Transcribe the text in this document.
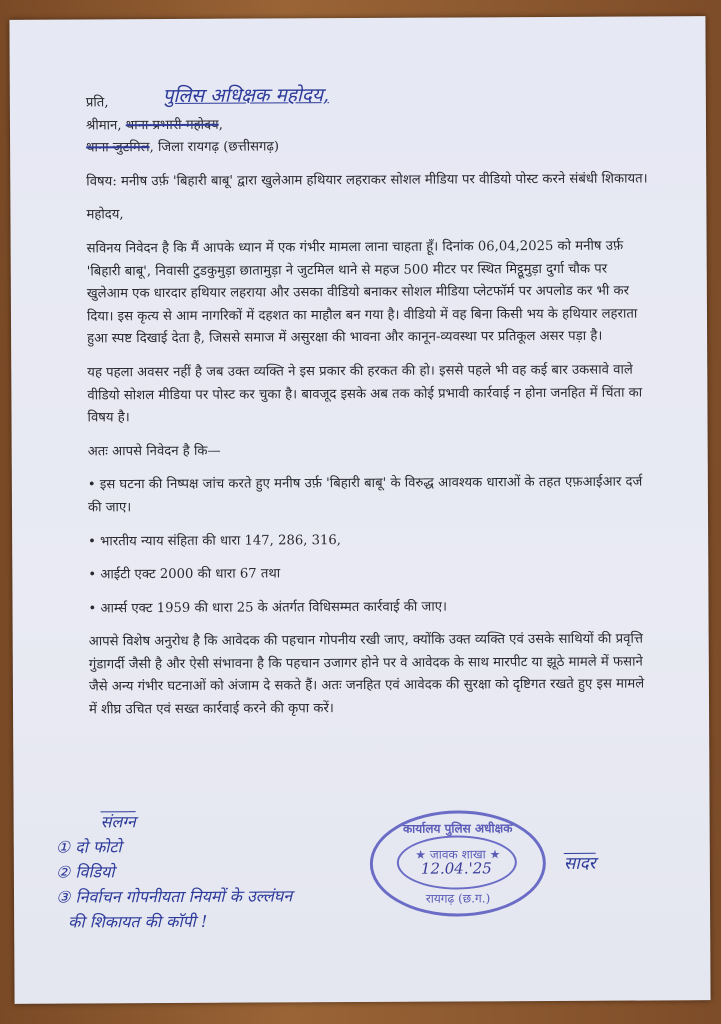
प्रति,	पुलिस अधिक्षक महोदय,
श्रीमान, थाना प्रभारी महोदय,

थाना जुटमिल, जिला रायगढ़ (छत्तीसगढ़)

विषय: मनीष उर्फ़ 'बिहारी बाबू' द्वारा खुलेआम हथियार लहराकर सोशल मीडिया पर वीडियो पोस्ट करने संबंधी शिकायत।

महोदय,

सविनय निवेदन है कि मैं आपके ध्यान में एक गंभीर मामला लाना चाहता हूँ। दिनांक 06,04,2025 को मनीष उर्फ़ 'बिहारी बाबू', निवासी टुडकुमुड़ा छातामुड़ा ने जुटमिल थाने से महज 500 मीटर पर स्थित मिट्ठूमुड़ा दुर्गा चौक पर खुलेआम एक धारदार हथियार लहराया और उसका वीडियो बनाकर सोशल मीडिया प्लेटफॉर्म पर अपलोड कर भी कर दिया। इस कृत्य से आम नागरिकों में दहशत का माहौल बन गया है। वीडियो में वह बिना किसी भय के हथियार लहराता हुआ स्पष्ट दिखाई देता है, जिससे समाज में असुरक्षा की भावना और कानून-व्यवस्था पर प्रतिकूल असर पड़ा है।

यह पहला अवसर नहीं है जब उक्त व्यक्ति ने इस प्रकार की हरकत की हो। इससे पहले भी वह कई बार उकसावे वाले वीडियो सोशल मीडिया पर पोस्ट कर चुका है। बावजूद इसके अब तक कोई प्रभावी कार्रवाई न होना जनहित में चिंता का विषय है।

अतः आपसे निवेदन है कि—

• इस घटना की निष्पक्ष जांच करते हुए मनीष उर्फ़ 'बिहारी बाबू' के विरुद्ध आवश्यक धाराओं के तहत एफ़आईआर दर्ज की जाए।

• भारतीय न्याय संहिता की धारा 147, 286, 316,

• आईटी एक्ट 2000 की धारा 67 तथा

• आर्म्स एक्ट 1959 की धारा 25 के अंतर्गत विधिसम्मत कार्रवाई की जाए।

आपसे विशेष अनुरोध है कि आवेदक की पहचान गोपनीय रखी जाए, क्योंकि उक्त व्यक्ति एवं उसके साथियों की प्रवृत्ति गुंडागर्दी जैसी है और ऐसी संभावना है कि पहचान उजागर होने पर वे आवेदक के साथ मारपीट या झूठे मामले में फसाने जैसे अन्य गंभीर घटनाओं को अंजाम दे सकते हैं। अतः जनहित एवं आवेदक की सुरक्षा को दृष्टिगत रखते हुए इस मामले में शीघ्र उचित एवं सख्त कार्रवाई करने की कृपा करें।

संलग्न
① दो फोटो
② विडियो
③ निर्वाचन गोपनीयता नियमों के उल्लंघन
की शिकायत की कॉपी !
कार्यालय पुलिस अधीक्षक
★ जावक शाखा ★
12.04.'25
रायगढ़ (छ.ग.)
सादर
